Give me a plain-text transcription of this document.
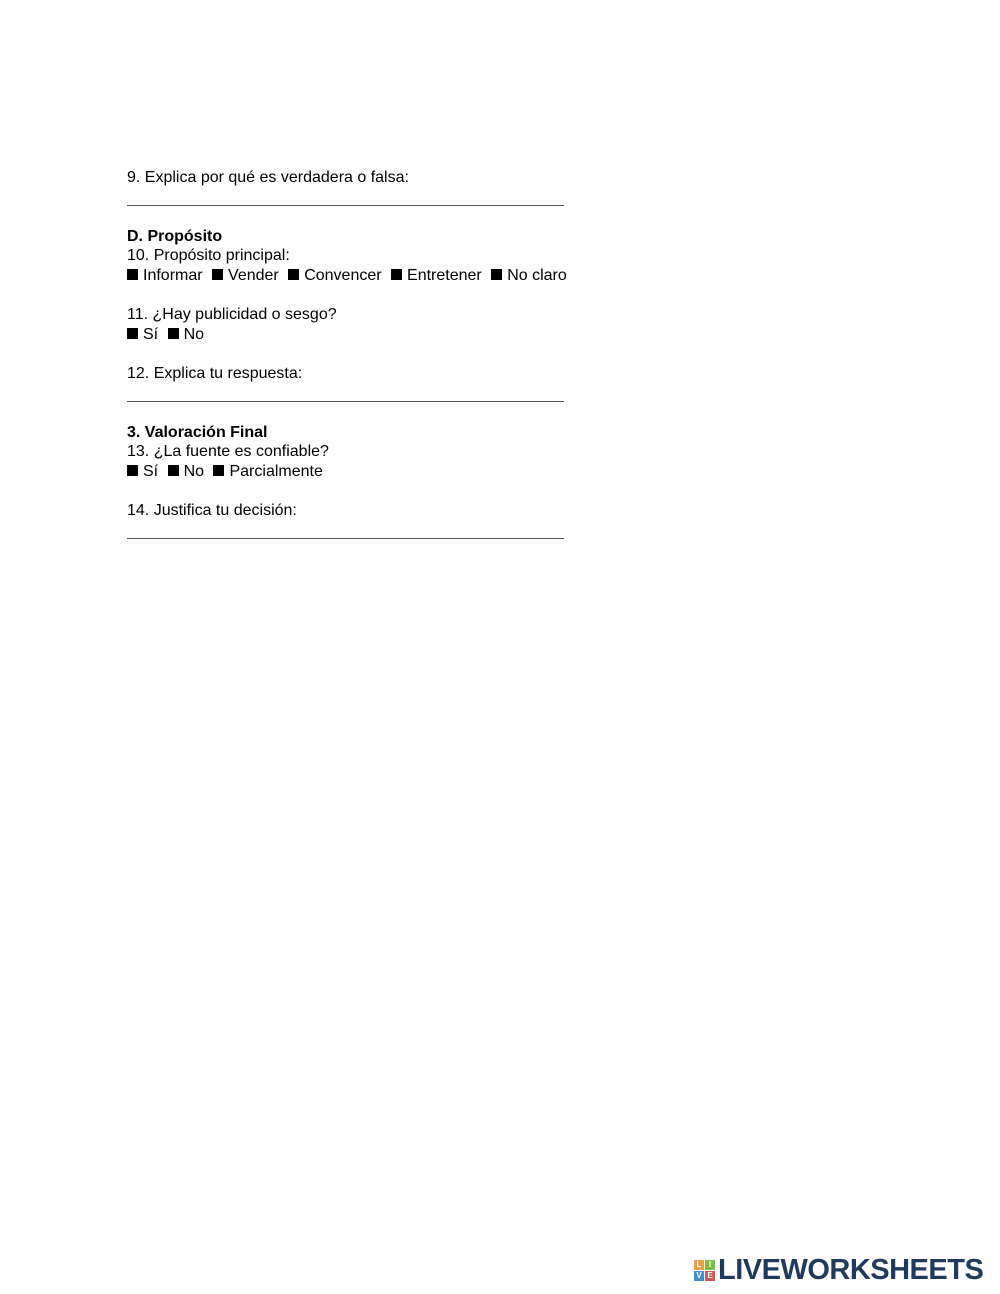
9. Explica por qué es verdadera o falsa:
D. Propósito
10. Propósito principal:
Informar Vender Convencer Entretener No claro
11. ¿Hay publicidad o sesgo?
Sí No
12. Explica tu respuesta:
3. Valoración Final
13. ¿La fuente es confiable?
Sí No Parcialmente
14. Justifica tu decisión:
L I
V E LIVEWORKSHEETS
